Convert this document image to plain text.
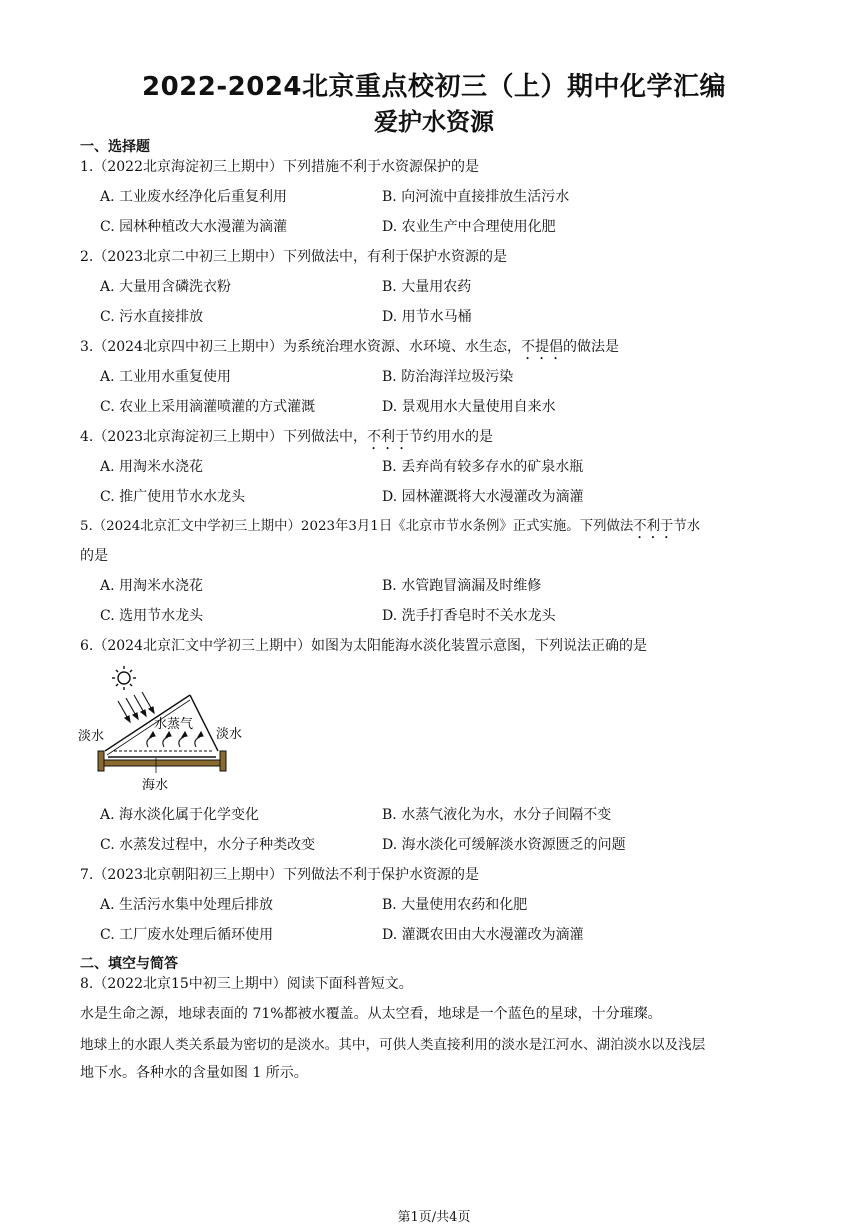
2022-2024北京重点校初三（上）期中化学汇编
爱护水资源
一、选择题
1.（2022北京海淀初三上期中）下列措施不利于水资源保护的是
A. 工业废水经净化后重复利用	B. 向河流中直接排放生活污水
C. 园林种植改大水漫灌为滴灌	D. 农业生产中合理使用化肥
2.（2023北京二中初三上期中）下列做法中，有利于保护水资源的是
A. 大量用含磷洗衣粉	B. 大量用农药
C. 污水直接排放	D. 用节水马桶
3.（2024北京四中初三上期中）为系统治理水资源、水环境、水生态，不提倡的做法是
A. 工业用水重复使用	B. 防治海洋垃圾污染
C. 农业上采用滴灌喷灌的方式灌溉	D. 景观用水大量使用自来水
4.（2023北京海淀初三上期中）下列做法中，不利于节约用水的是
A. 用淘米水浇花	B. 丢弃尚有较多存水的矿泉水瓶
C. 推广使用节水水龙头	D. 园林灌溉将大水漫灌改为滴灌
5.（2024北京汇文中学初三上期中）2023年3月1日《北京市节水条例》正式实施。下列做法不利于节水
的是
A. 用淘米水浇花	B. 水管跑冒滴漏及时维修
C. 选用节水龙头	D. 洗手打香皂时不关水龙头
6.（2024北京汇文中学初三上期中）如图为太阳能海水淡化装置示意图，下列说法正确的是
淡水	淡水
水蒸气
海水
A. 海水淡化属于化学变化	B. 水蒸气液化为水，水分子间隔不变
C. 水蒸发过程中，水分子种类改变	D. 海水淡化可缓解淡水资源匮乏的问题
7.（2023北京朝阳初三上期中）下列做法不利于保护水资源的是
A. 生活污水集中处理后排放	B. 大量使用农药和化肥
C. 工厂废水处理后循环使用	D. 灌溉农田由大水漫灌改为滴灌
二、填空与简答
8.（2022北京15中初三上期中）阅读下面科普短文。
水是生命之源，地球表面的 71%都被水覆盖。从太空看，地球是一个蓝色的星球，十分璀璨。
地球上的水跟人类关系最为密切的是淡水。其中，可供人类直接利用的淡水是江河水、湖泊淡水以及浅层
地下水。各种水的含量如图 1 所示。
第1页/共4页
